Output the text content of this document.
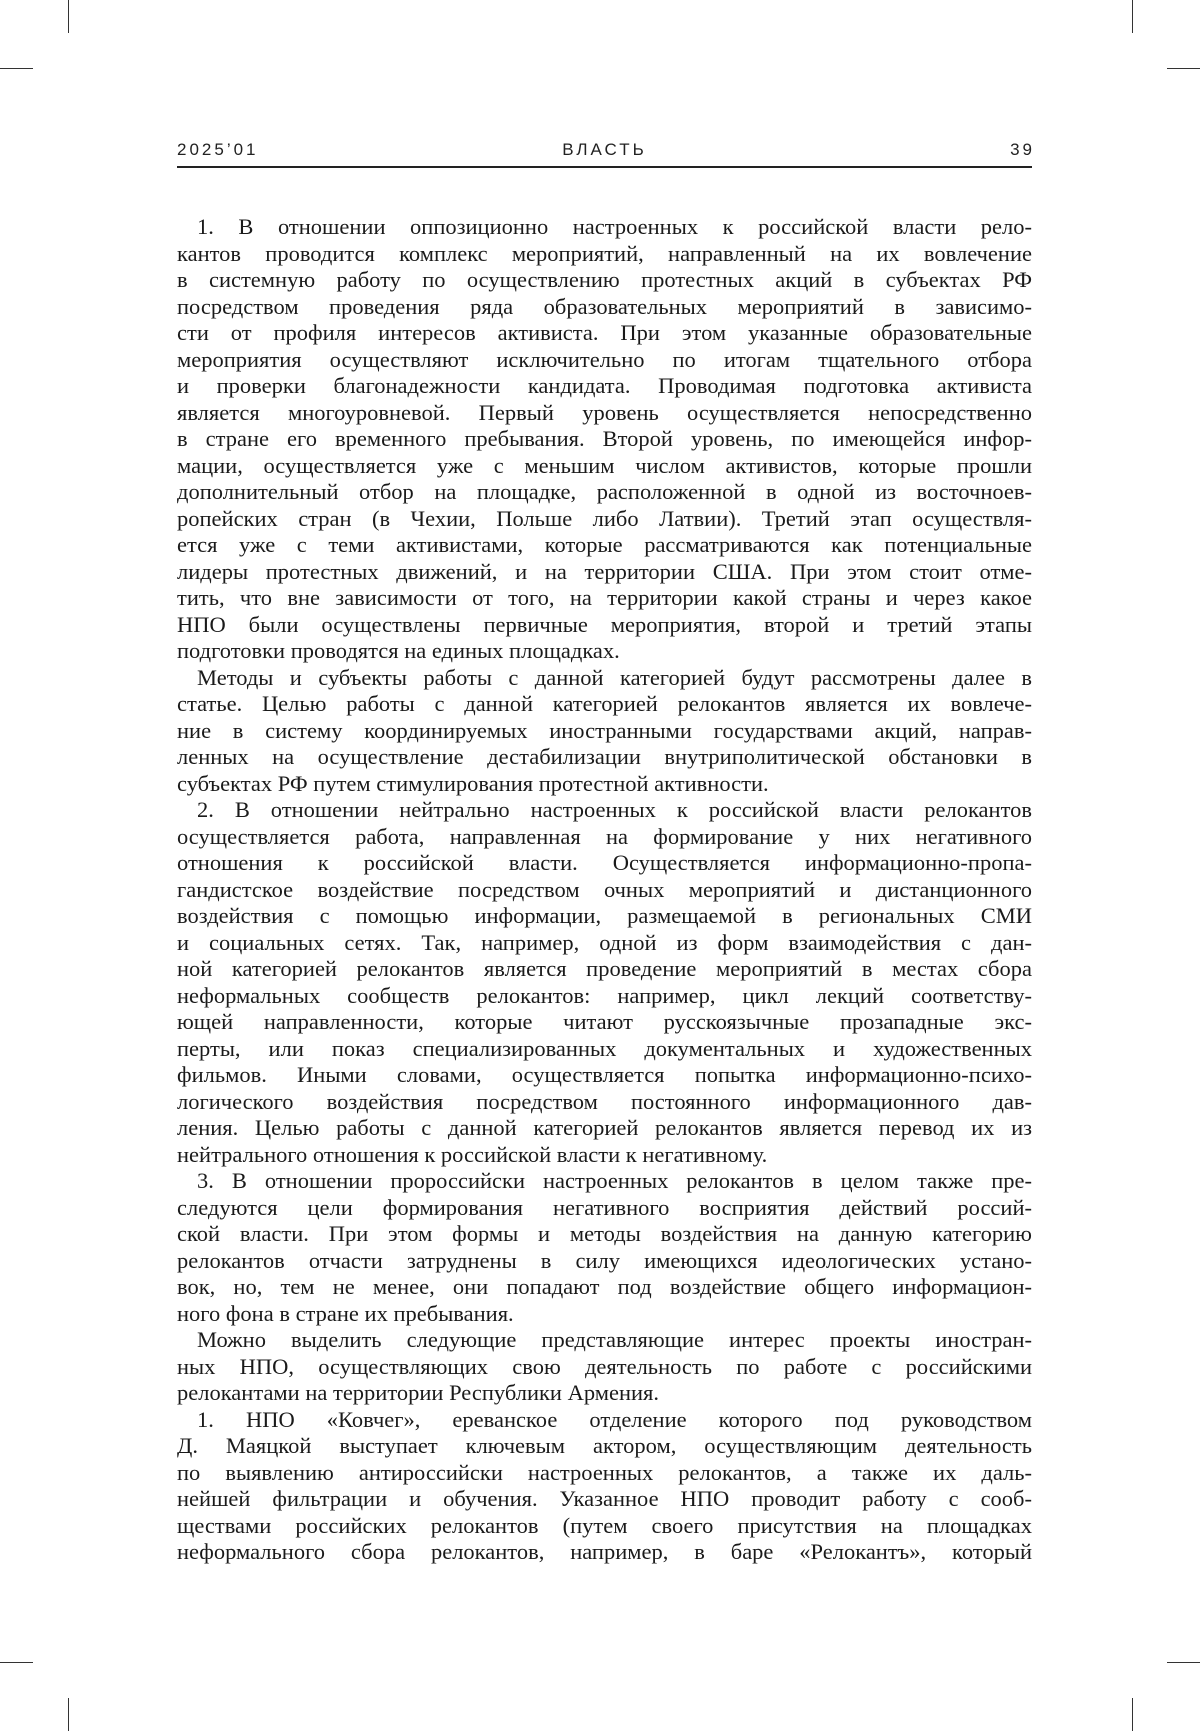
2025’01	ВЛАСТЬ	39
1. В отношении оппозиционно настроенных к российской власти рело-
кантов проводится комплекс мероприятий, направленный на их вовлечение
в системную работу по осуществлению протестных акций в субъектах РФ
посредством проведения ряда образовательных мероприятий в зависимо-
сти от профиля интересов активиста. При этом указанные образовательные
мероприятия осуществляют исключительно по итогам тщательного отбора
и проверки благонадежности кандидата. Проводимая подготовка активиста
является многоуровневой. Первый уровень осуществляется непосредственно
в стране его временного пребывания. Второй уровень, по имеющейся инфор-
мации, осуществляется уже с меньшим числом активистов, которые прошли
дополнительный отбор на площадке, расположенной в одной из восточноев-
ропейских стран (в Чехии, Польше либо Латвии). Третий этап осуществля-
ется уже с теми активистами, которые рассматриваются как потенциальные
лидеры протестных движений, и на территории США. При этом стоит отме-
тить, что вне зависимости от того, на территории какой страны и через какое
НПО были осуществлены первичные мероприятия, второй и третий этапы
подготовки проводятся на единых площадках.
Методы и субъекты работы с данной категорией будут рассмотрены далее в
статье. Целью работы с данной категорией релокантов является их вовлече-
ние в систему координируемых иностранными государствами акций, направ-
ленных на осуществление дестабилизации внутриполитической обстановки в
субъектах РФ путем стимулирования протестной активности.
2. В отношении нейтрально настроенных к российской власти релокантов
осуществляется работа, направленная на формирование у них негативного
отношения к российской власти. Осуществляется информационно-пропа-
гандистское воздействие посредством очных мероприятий и дистанционного
воздействия с помощью информации, размещаемой в региональных СМИ
и социальных сетях. Так, например, одной из форм взаимодействия с дан-
ной категорией релокантов является проведение мероприятий в местах сбора
неформальных сообществ релокантов: например, цикл лекций соответству-
ющей направленности, которые читают русскоязычные прозападные экс-
перты, или показ специализированных документальных и художественных
фильмов. Иными словами, осуществляется попытка информационно-психо-
логического воздействия посредством постоянного информационного дав-
ления. Целью работы с данной категорией релокантов является перевод их из
нейтрального отношения к российской власти к негативному.
3. В отношении пророссийски настроенных релокантов в целом также пре-
следуются цели формирования негативного восприятия действий россий-
ской власти. При этом формы и методы воздействия на данную категорию
релокантов отчасти затруднены в силу имеющихся идеологических устано-
вок, но, тем не менее, они попадают под воздействие общего информацион-
ного фона в стране их пребывания.
Можно выделить следующие представляющие интерес проекты иностран-
ных НПО, осуществляющих свою деятельность по работе с российскими
релокантами на территории Республики Армения.
1. НПО «Ковчег», ереванское отделение которого под руководством
Д. Маяцкой выступает ключевым актором, осуществляющим деятельность
по выявлению антироссийски настроенных релокантов, а также их даль-
нейшей фильтрации и обучения. Указанное НПО проводит работу с сооб-
ществами российских релокантов (путем своего присутствия на площадках
неформального сбора релокантов, например, в баре «Релокантъ», который
